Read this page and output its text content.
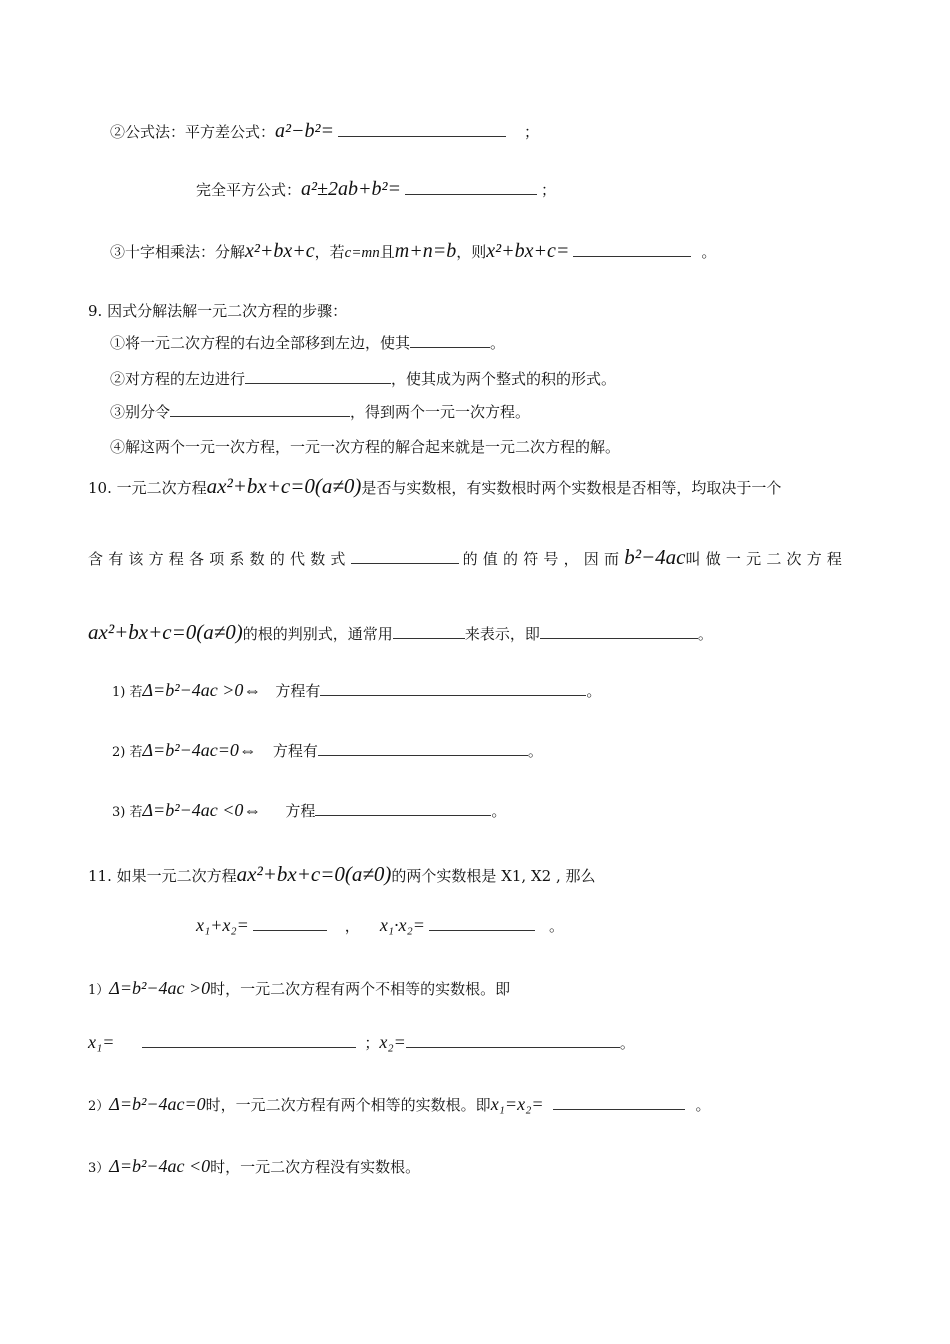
②公式法：平方差公式： a²−b²=	；
完全平方公式： a²±2ab+b²=	；
③十字相乘法：分解 x²+bx+c ，若 c=mn 且 m+n=b ，则 x²+bx+c=	。
9. 因式分解法解一元二次方程的步骤：
①将一元二次方程的右边全部移到左边，使其	。
②对方程的左边进行	，使其成为两个整式的积的形式。
③别分令	，得到两个一元一次方程。
④解这两个一元一次方程，一元一次方程的解合起来就是一元二次方程的解。
10. 一元二次方程 ax²+bx+c=0(a≠0) 是否与实数根，有实数根时两个实数根是否相等，均取决于一个
含有该方程各项系数的代数式	的值的符号，因而 b²−4ac 叫做一元二次方程
ax²+bx+c=0(a≠0) 的根的判别式，通常用	来表示，即	。
1) 若 Δ=b²−4ac >0⇔ 方程有	。
2) 若 Δ=b²−4ac=0⇔ 方程有	。
3) 若 Δ=b²−4ac <0⇔ 方程	。
11. 如果一元二次方程 ax²+bx+c=0(a≠0) 的两个实数根是 X1, X2 , 那么
x₁+x₂=	， x₁·x₂=	。
1） Δ=b²−4ac >0 时，一元二次方程有两个不相等的实数根。即
x₁=	； x₂=	。
2） Δ=b²−4ac=0 时，一元二次方程有两个相等的实数根。即 x₁=x₂=	。
3） Δ=b²−4ac <0 时，一元二次方程没有实数根。
